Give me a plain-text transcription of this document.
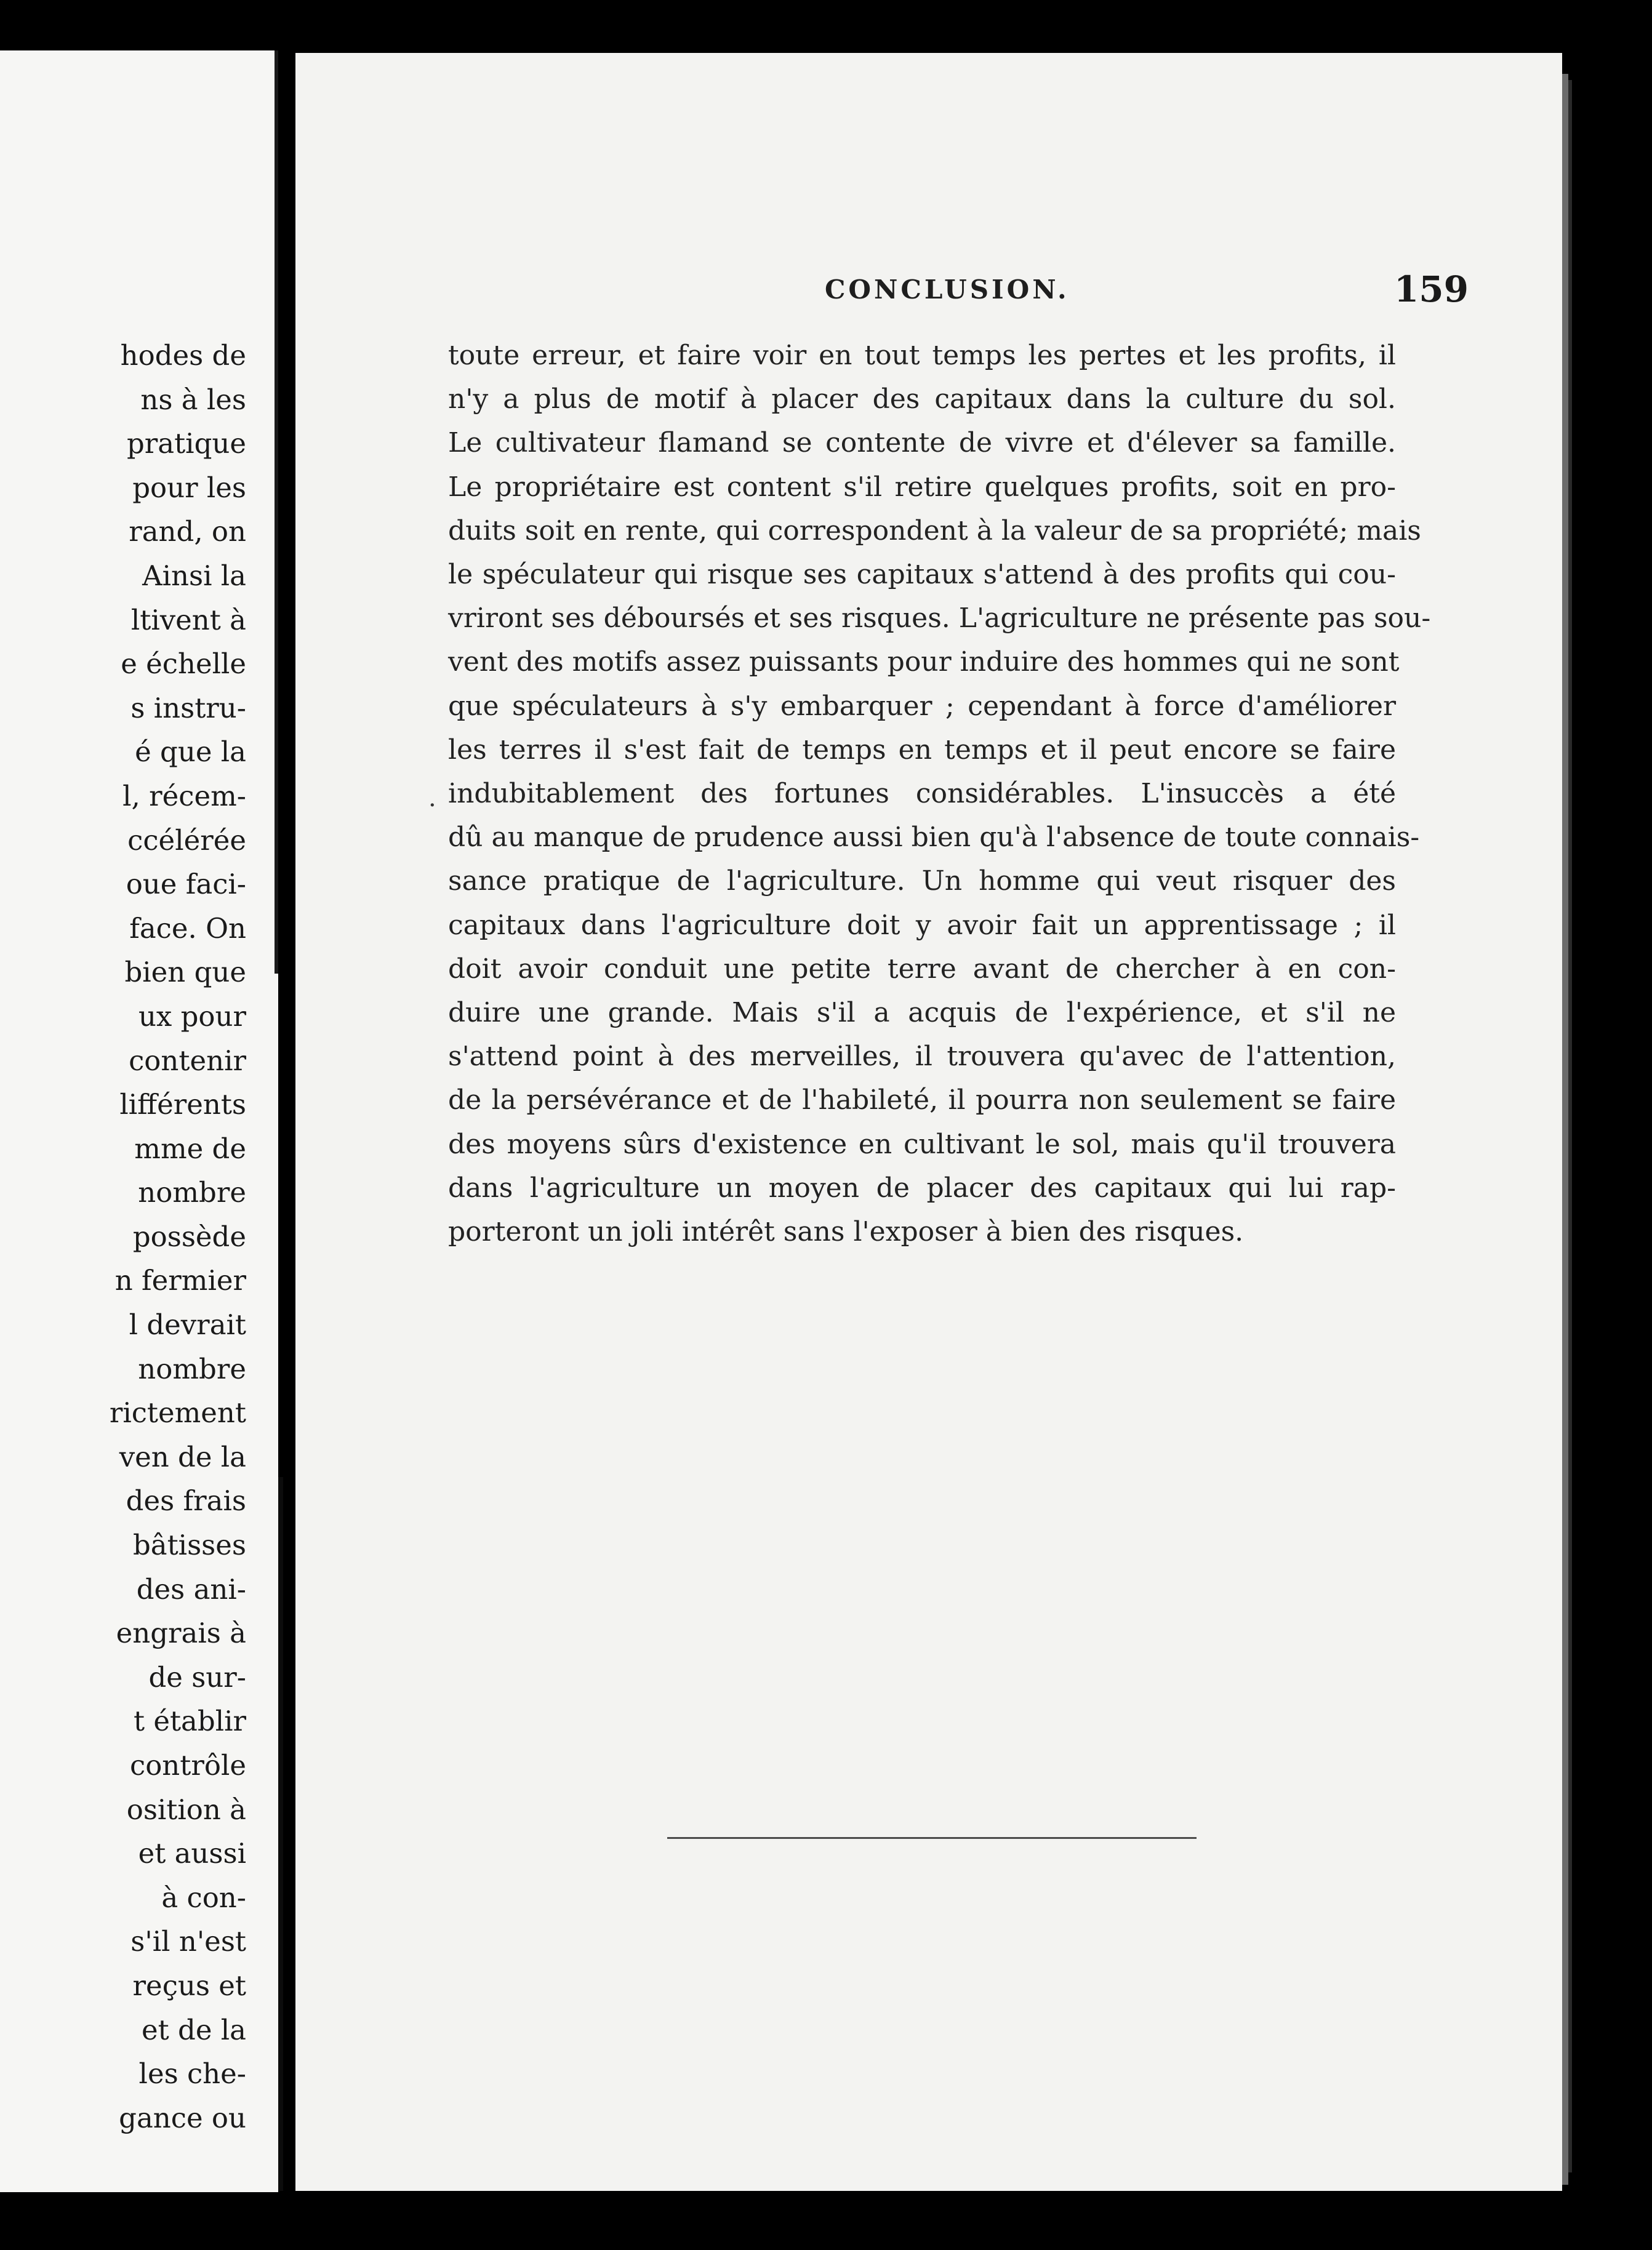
hodes de
ns à les
pratique
pour les
rand, on
Ainsi la
ltivent à
e échelle
s instru-
é que la
l, récem-
ccélérée
oue faci-
face. On
bien que
ux pour
contenir
lifférents
mme de
nombre
possède
n fermier
l devrait
nombre
rictement
ven de la
des frais
bâtisses
des ani-
engrais à
de sur-
t établir
contrôle
osition à
et aussi
à con-
s'il n'est
reçus et
et de la
les che-
gance ou
CONCLUSION.	159
toute erreur, et faire voir en tout temps les pertes et les profits, il
n'y a plus de motif à placer des capitaux dans la culture du sol.
Le cultivateur flamand se contente de vivre et d'élever sa famille.
Le propriétaire est content s'il retire quelques profits, soit en pro-
duits soit en rente, qui correspondent à la valeur de sa propriété; mais
le spéculateur qui risque ses capitaux s'attend à des profits qui cou-
vriront ses déboursés et ses risques. L'agriculture ne présente pas sou-
vent des motifs assez puissants pour induire des hommes qui ne sont
que spéculateurs à s'y embarquer ; cependant à force d'améliorer
les terres il s'est fait de temps en temps et il peut encore se faire
indubitablement des fortunes considérables. L'insuccès a été
dû au manque de prudence aussi bien qu'à l'absence de toute connais-
sance pratique de l'agriculture. Un homme qui veut risquer des
capitaux dans l'agriculture doit y avoir fait un apprentissage ; il
doit avoir conduit une petite terre avant de chercher à en con-
duire une grande. Mais s'il a acquis de l'expérience, et s'il ne
s'attend point à des merveilles, il trouvera qu'avec de l'attention,
de la persévérance et de l'habileté, il pourra non seulement se faire
des moyens sûrs d'existence en cultivant le sol, mais qu'il trouvera
dans l'agriculture un moyen de placer des capitaux qui lui rap-
porteront un joli intérêt sans l'exposer à bien des risques.
·
